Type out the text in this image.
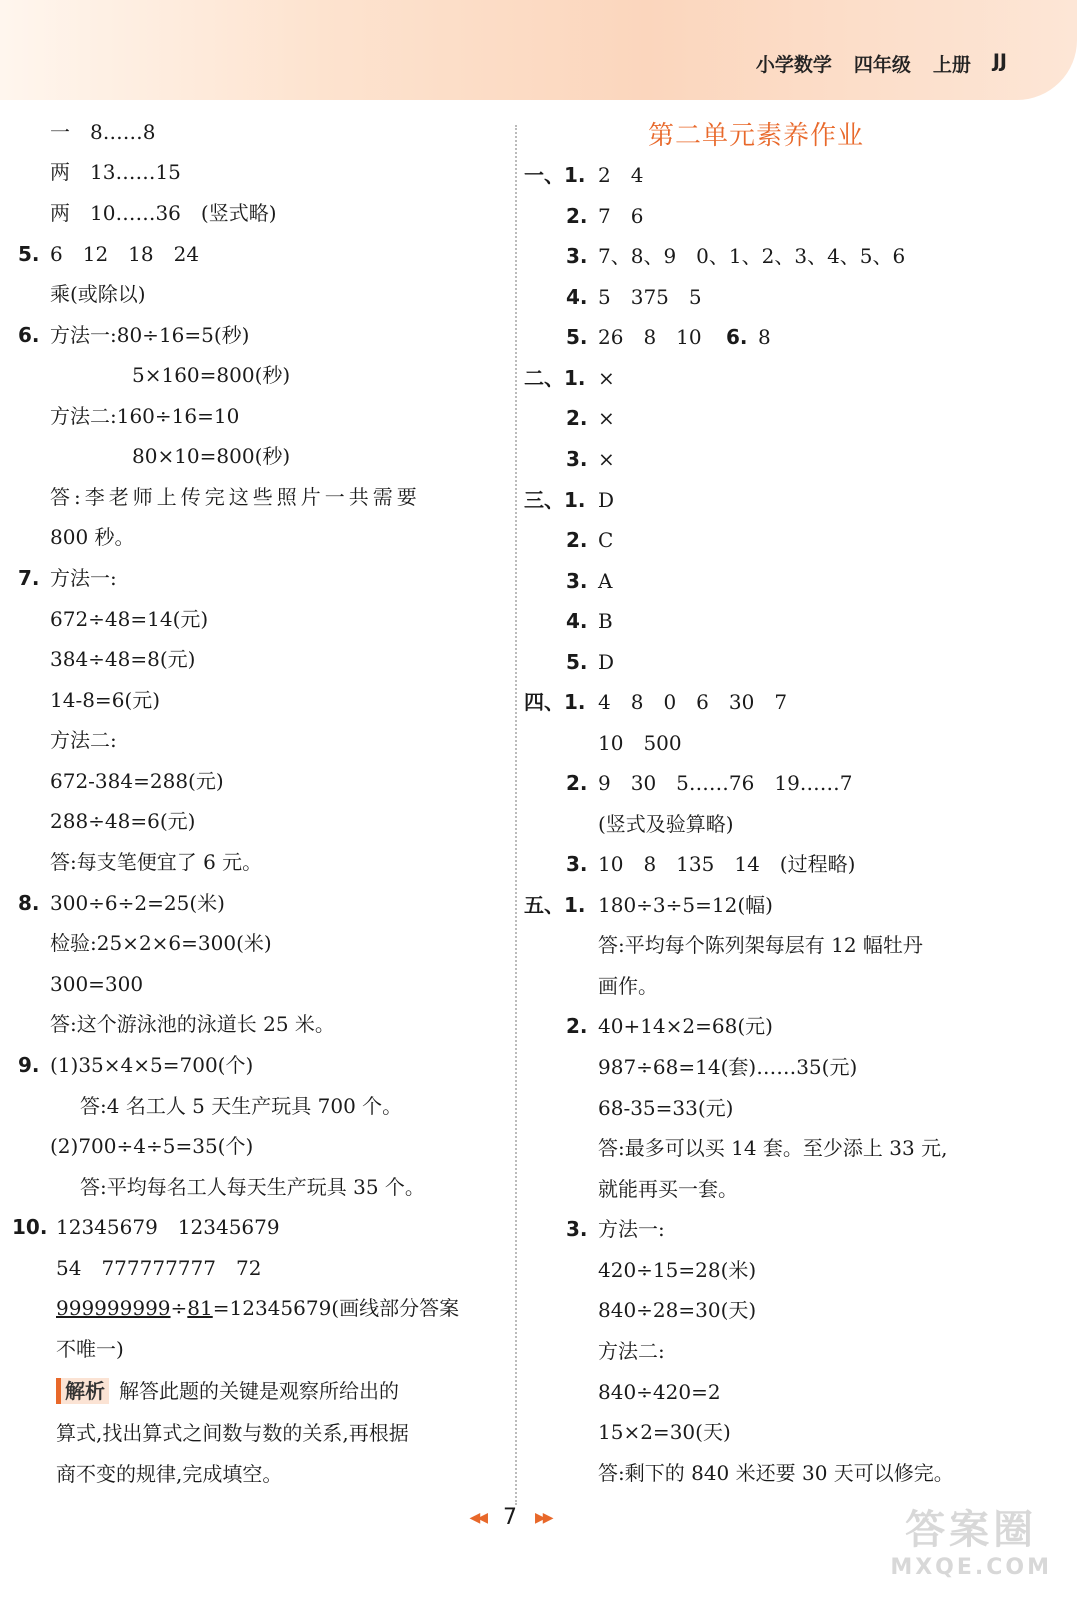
小学数学 四年级 上册 JJ
一　8……8
两　13……15
两　10……36　(竖式略)
5. 6　12　18　24
乘(或除以)
6. 方法一:80÷16=5(秒)
5×160=800(秒)
方法二:160÷16=10
80×10=800(秒)
答:李老师上传完这些照片一共需要
800 秒。
7. 方法一:
672÷48=14(元)
384÷48=8(元)
14-8=6(元)
方法二:
672-384=288(元)
288÷48=6(元)
答:每支笔便宜了 6 元。
8. 300÷6÷2=25(米)
检验:25×2×6=300(米)
300=300
答:这个游泳池的泳道长 25 米。
9. (1)35×4×5=700(个)
答:4 名工人 5 天生产玩具 700 个。
(2)700÷4÷5=35(个)
答:平均每名工人每天生产玩具 35 个。
10. 12345679　12345679
54　777777777　72
999999999÷81=12345679(画线部分答案
不唯一)
解析 解答此题的关键是观察所给出的
算式,找出算式之间数与数的关系,再根据
商不变的规律,完成填空。
第二单元素养作业
一、1. 2　4
2. 7　6
3. 7、8、9　0、1、2、3、4、5、6
4. 5　375　5
5. 26　8　10 6. 8
二、1. ×
2. ×
3. ×
三、1. D
2. C
3. A
4. B
5. D
四、1. 4　8　0　6　30　7
10　500
2. 9　30　5……76　19……7
(竖式及验算略)
3. 10　8　135　14　(过程略)
五、1. 180÷3÷5=12(幅)
答:平均每个陈列架每层有 12 幅牡丹
画作。
2. 40+14×2=68(元)
987÷68=14(套)……35(元)
68-35=33(元)
答:最多可以买 14 套。至少添上 33 元,
就能再买一套。
3. 方法一:
420÷15=28(米)
840÷28=30(天)
方法二:
840÷420=2
15×2=30(天)
答:剩下的 840 米还要 30 天可以修完。
◀◀ 7 ▶▶	答案圈
MXQE.COM
